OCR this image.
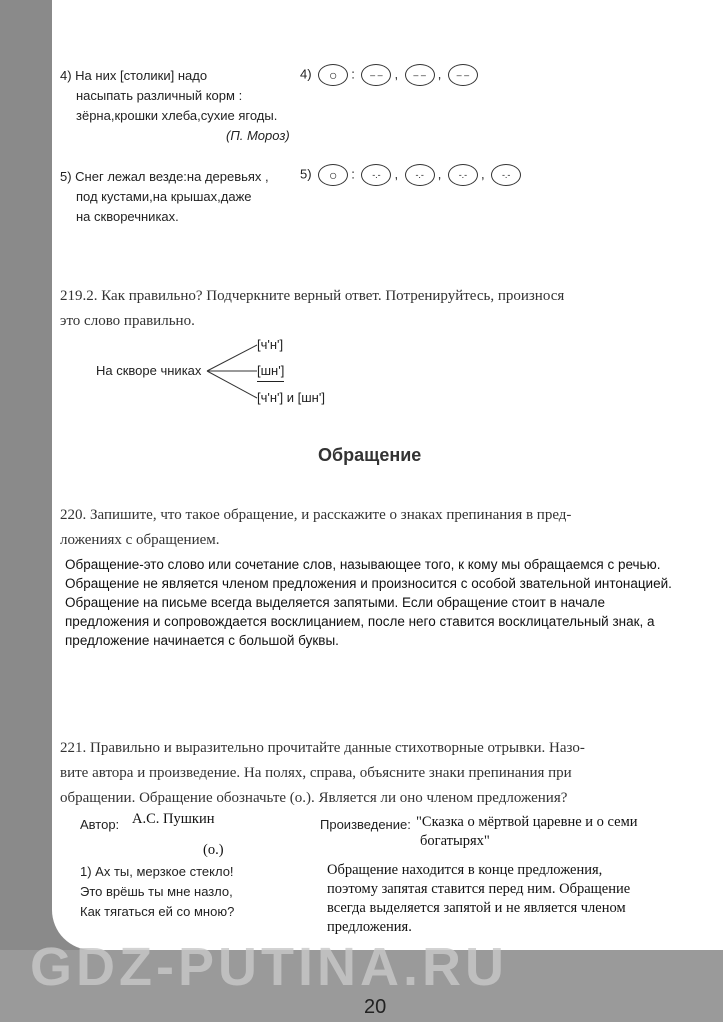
GDZ-PUTINA.RU
20
4) На них [столики] надо
насыпать различный корм :
зёрна,крошки хлеба,сухие ягоды.
(П. Мороз)
4) ○ : – – , – – , – –
5) Снег лежал везде:на деревьях ,
под кустами,на крышах,даже
на скворечниках.
5) ○ : -.- , -.- , -.- , -.-
219.2. Как правильно? Подчеркните верный ответ. Потренируйтесь, произнося
это слово правильно.
На скворе чниках
[ч'н']
[шн']
[ч'н'] и [шн']
Обращение
220. Запишите, что такое обращение, и расскажите о знаках препинания в пред-
ложениях с обращением.
Обращение-это слово или сочетание слов, называющее того, к кому мы обращаемся с речью.
Обращение не является членом предложения и произносится с особой звательной интонацией.
Обращение на письме всегда выделяется запятыми. Если обращение стоит в начале
предложения и сопровождается восклицанием, после него ставится восклицательный знак, а
предложение начинается с большой буквы.
221. Правильно и выразительно прочитайте данные стихотворные отрывки. Назо-
вите автора и произведение. На полях, справа, объясните знаки препинания при
обращении. Обращение обозначьте (о.). Является ли оно членом предложения?
Автор: А.С. Пушкин	Произведение: "Сказка о мёртвой царевне и о семи
богатырях"
(о.)
1) Ах ты, мерзкое стекло!
Это врёшь ты мне назло,
Как тягаться ей со мною?
Обращение находится в конце предложения,
поэтому запятая ставится перед ним. Обращение
всегда выделяется запятой и не является членом
предложения.
